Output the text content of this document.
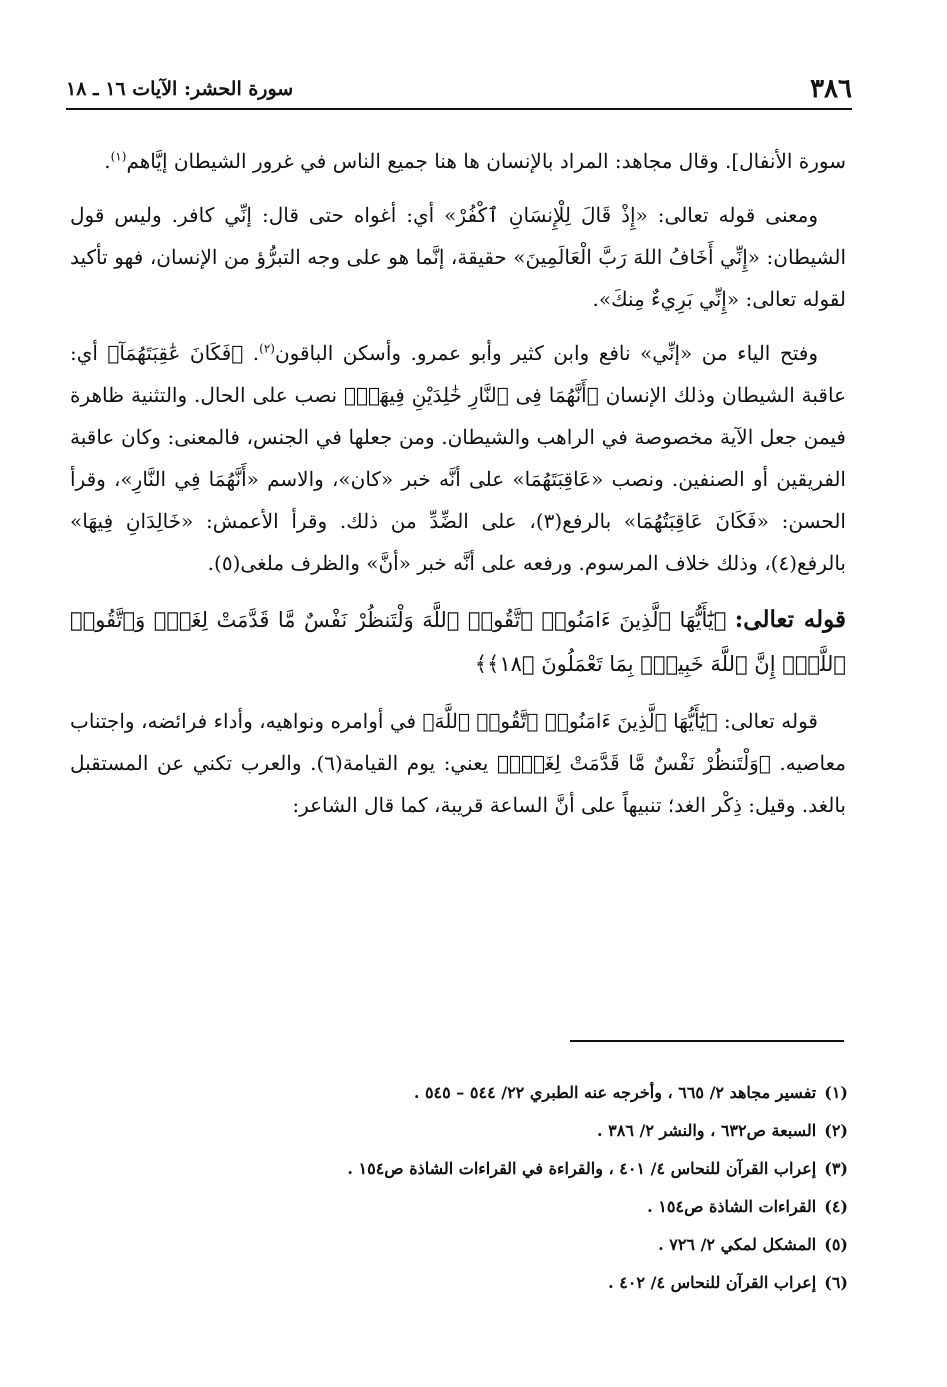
٣٨٦
سورة الحشر: الآيات ١٦ ـ ١٨

سورة الأنفال]. وقال مجاهد: المراد بالإنسان ها هنا جميع الناس في غرور الشيطان إيَّاهم$^{(١)}$.

ومعنى قوله تعالى: «إِذْ قَالَ لِلْإِنسَانِ ٱكْفُرْ» أي: أغواه حتى قال: إنِّي كافر. وليس قول الشيطان: «إِنِّي أَخَافُ اللهَ رَبَّ الْعَالَمِينَ» حقيقة، إنَّما هو على وجه التبرُّؤ من الإنسان، فهو تأكيد لقوله تعالى: «إِنِّي بَرِيءٌ مِنكَ».

وفتح الياء من «إنِّي» نافع وابن كثير وأبو عمرو. وأسكن الباقون$^{(٢)}$. ﴿فَكَانَ عَٰقِبَتَهُمَآ﴾ أي: عاقبة الشيطان وذلك الإنسان ﴿أَنَّهُمَا فِى ٱلنَّارِ خَٰلِدَيْنِ فِيهَاۚ﴾ نصب على الحال. والتثنية ظاهرة فيمن جعل الآية مخصوصة في الراهب والشيطان. ومن جعلها في الجنس، فالمعنى: وكان عاقبة الفريقين أو الصنفين. ونصب «عَاقِبَتَهُمَا» على أنَّه خبر «كان»، والاسم «أَنَّهُمَا فِي النَّارِ»، وقرأ الحسن: «فَكَانَ عَاقِبَتُهُمَا» بالرفع(٣)، على الضِّدِّ من ذلك. وقرأ الأعمش: «خَالِدَانِ فِيهَا» بالرفع(٤)، وذلك خلاف المرسوم. ورفعه على أنَّه خبر «أنَّ» والظرف ملغى(٥).

قوله تعالى: ﴿يَٰٓأَيُّهَا ٱلَّذِينَ ءَامَنُوا۟ ٱتَّقُوا۟ ٱللَّهَ وَلْتَنظُرْ نَفْسٌ مَّا قَدَّمَتْ لِغَدٍۖ وَٱتَّقُوا۟ ٱللَّهَۚ إِنَّ ٱللَّهَ خَبِيرٌۢ بِمَا تَعْمَلُونَ ﴿١٨﴾﴾

قوله تعالى: ﴿يَٰٓأَيُّهَا ٱلَّذِينَ ءَامَنُوا۟ ٱتَّقُوا۟ ٱللَّهَ﴾ في أوامره ونواهيه، وأداء فرائضه، واجتناب معاصيه. ﴿وَلْتَنظُرْ نَفْسٌ مَّا قَدَّمَتْ لِغَدٍۖ﴾ يعني: يوم القيامة(٦). والعرب تكني عن المستقبل بالغد. وقيل: ذِكْر الغد؛ تنبيهاً على أنَّ الساعة قريبة، كما قال الشاعر:

(١)تفسير مجاهد ٢/ ٦٦٥ ، وأخرجه عنه الطبري ٢٢/ ٥٤٤ – ٥٤٥ .
(٢)السبعة ص٦٣٢ ، والنشر ٢/ ٣٨٦ .
(٣)إعراب القرآن للنحاس ٤/ ٤٠١ ، والقراءة في القراءات الشاذة ص١٥٤ .
(٤)القراءات الشاذة ص١٥٤ .
(٥)المشكل لمكي ٢/ ٧٢٦ .
(٦)إعراب القرآن للنحاس ٤/ ٤٠٢ .
